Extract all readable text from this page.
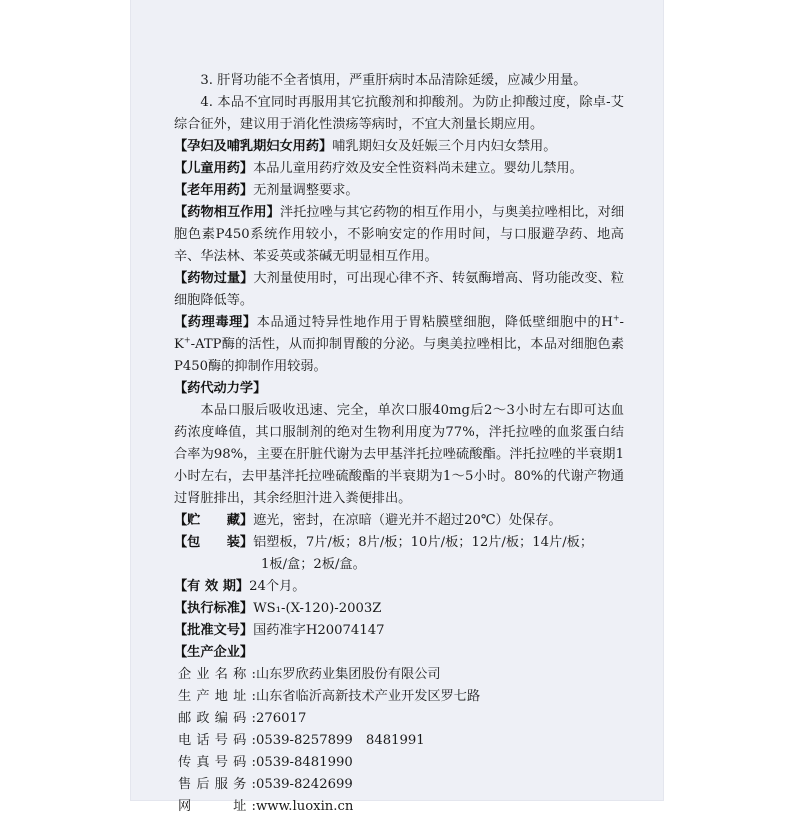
3. 肝肾功能不全者慎用，严重肝病时本品清除延缓，应减少用量。

4. 本品不宜同时再服用其它抗酸剂和抑酸剂。为防止抑酸过度，除卓-艾综合征外，建议用于消化性溃疡等病时，不宜大剂量长期应用。

【孕妇及哺乳期妇女用药】哺乳期妇女及妊娠三个月内妇女禁用。

【儿童用药】本品儿童用药疗效及安全性资料尚未建立。婴幼儿禁用。

【老年用药】无剂量调整要求。

【药物相互作用】泮托拉唑与其它药物的相互作用小，与奥美拉唑相比，对细胞色素P450系统作用较小，不影响安定的作用时间，与口服避孕药、地高辛、华法林、苯妥英或茶碱无明显相互作用。

【药物过量】大剂量使用时，可出现心律不齐、转氨酶增高、肾功能改变、粒细胞降低等。

【药理毒理】本品通过特异性地作用于胃粘膜壁细胞，降低壁细胞中的H+-K+-ATP酶的活性，从而抑制胃酸的分泌。与奥美拉唑相比，本品对细胞色素P450酶的抑制作用较弱。

【药代动力学】

本品口服后吸收迅速、完全，单次口服40mg后2～3小时左右即可达血药浓度峰值，其口服制剂的绝对生物利用度为77%，泮托拉唑的血浆蛋白结合率为98%，主要在肝脏代谢为去甲基泮托拉唑硫酸酯。泮托拉唑的半衰期1小时左右，去甲基泮托拉唑硫酸酯的半衰期为1～5小时。80%的代谢产物通过肾脏排出，其余经胆汁进入粪便排出。

【贮　　藏】遮光，密封，在凉暗（避光并不超过20℃）处保存。

【包　　装】铝塑板，7片/板；8片/板；10片/板；12片/板；14片/板；

1板/盒；2板/盒。

【有 效 期】24个月。

【执行标准】WS₁-(X-120)-2003Z

【批准文号】国药准字H20074147

【生产企业】

企业名称: 山东罗欣药业集团股份有限公司
生产地址: 山东省临沂高新技术产业开发区罗七路
邮政编码: 276017
电话号码: 0539-8257899　8481991
传真号码: 0539-8481990
售后服务: 0539-8242699
网　　址: www.luoxin.cn
